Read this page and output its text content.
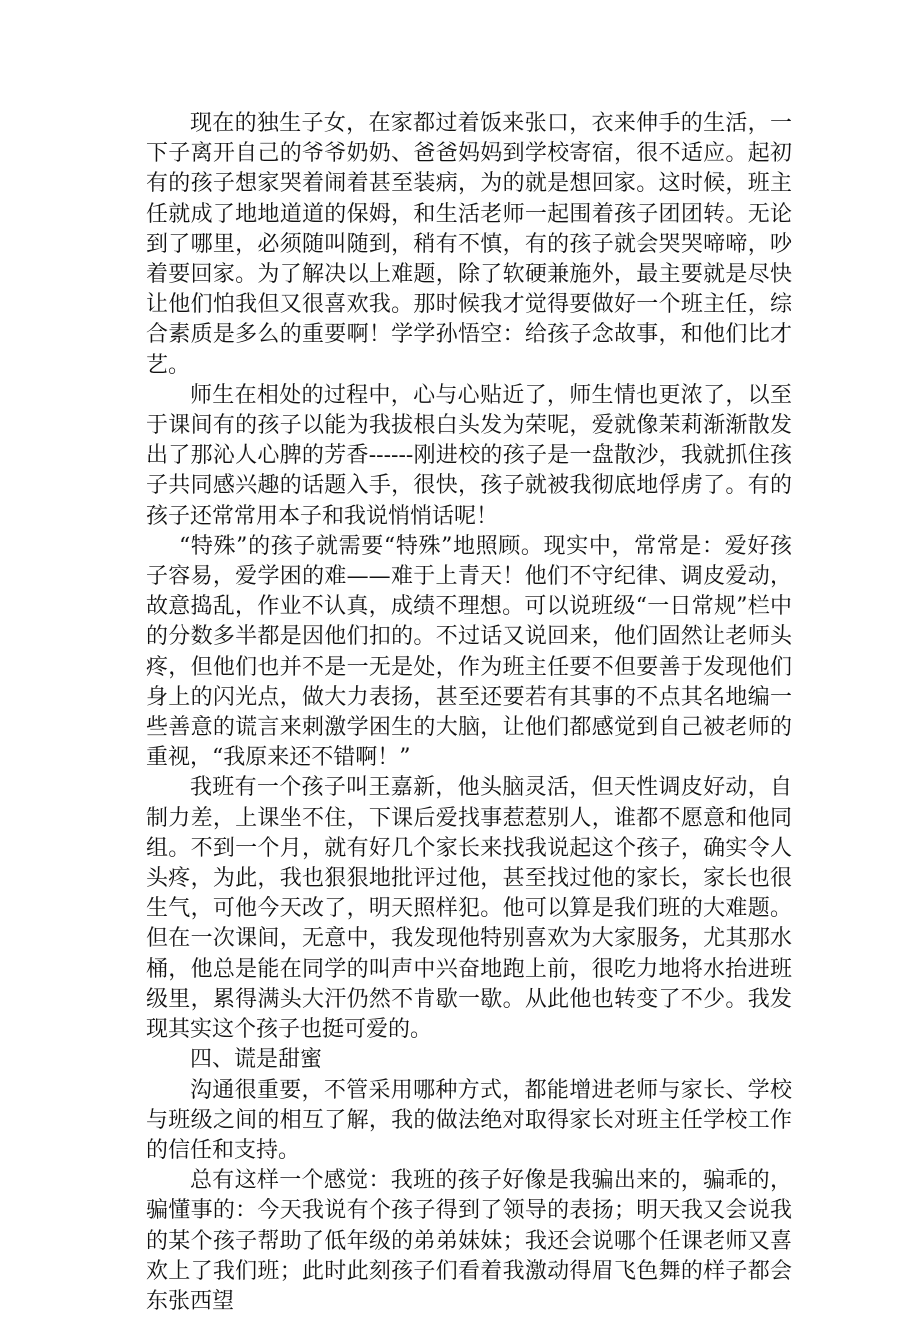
现在的独生子女，在家都过着饭来张口，衣来伸手的生活，一下子离开自己的爷爷奶奶、爸爸妈妈到学校寄宿，很不适应。起初有的孩子想家哭着闹着甚至装病，为的就是想回家。这时候，班主任就成了地地道道的保姆，和生活老师一起围着孩子团团转。无论到了哪里，必须随叫随到，稍有不慎，有的孩子就会哭哭啼啼，吵着要回家。为了解决以上难题，除了软硬兼施外，最主要就是尽快让他们怕我但又很喜欢我。那时候我才觉得要做好一个班主任，综合素质是多么的重要啊！学学孙悟空：给孩子念故事，和他们比才艺。

师生在相处的过程中，心与心贴近了，师生情也更浓了，以至于课间有的孩子以能为我拔根白头发为荣呢，爱就像茉莉渐渐散发出了那沁人心脾的芳香------刚进校的孩子是一盘散沙，我就抓住孩子共同感兴趣的话题入手，很快，孩子就被我彻底地俘虏了。有的孩子还常常用本子和我说悄悄话呢！

“特殊”的孩子就需要“特殊”地照顾。现实中，常常是：爱好孩子容易，爱学困的难——难于上青天！他们不守纪律、调皮爱动，故意捣乱，作业不认真，成绩不理想。可以说班级“一日常规”栏中的分数多半都是因他们扣的。不过话又说回来，他们固然让老师头疼，但他们也并不是一无是处，作为班主任要不但要善于发现他们身上的闪光点，做大力表扬，甚至还要若有其事的不点其名地编一些善意的谎言来刺激学困生的大脑，让他们都感觉到自己被老师的重视，“我原来还不错啊！”

我班有一个孩子叫王嘉新，他头脑灵活，但天性调皮好动，自制力差，上课坐不住，下课后爱找事惹惹别人，谁都不愿意和他同组。不到一个月，就有好几个家长来找我说起这个孩子，确实令人头疼，为此，我也狠狠地批评过他，甚至找过他的家长，家长也很生气，可他今天改了，明天照样犯。他可以算是我们班的大难题。但在一次课间，无意中，我发现他特别喜欢为大家服务，尤其那水桶，他总是能在同学的叫声中兴奋地跑上前，很吃力地将水抬进班级里，累得满头大汗仍然不肯歇一歇。从此他也转变了不少。我发现其实这个孩子也挺可爱的。

四、谎是甜蜜

沟通很重要，不管采用哪种方式，都能增进老师与家长、学校与班级之间的相互了解，我的做法绝对取得家长对班主任学校工作的信任和支持。

总有这样一个感觉：我班的孩子好像是我骗出来的，骗乖的，骗懂事的：今天我说有个孩子得到了领导的表扬；明天我又会说我的某个孩子帮助了低年级的弟弟妹妹；我还会说哪个任课老师又喜欢上了我们班；此时此刻孩子们看着我激动得眉飞色舞的样子都会东张西望
